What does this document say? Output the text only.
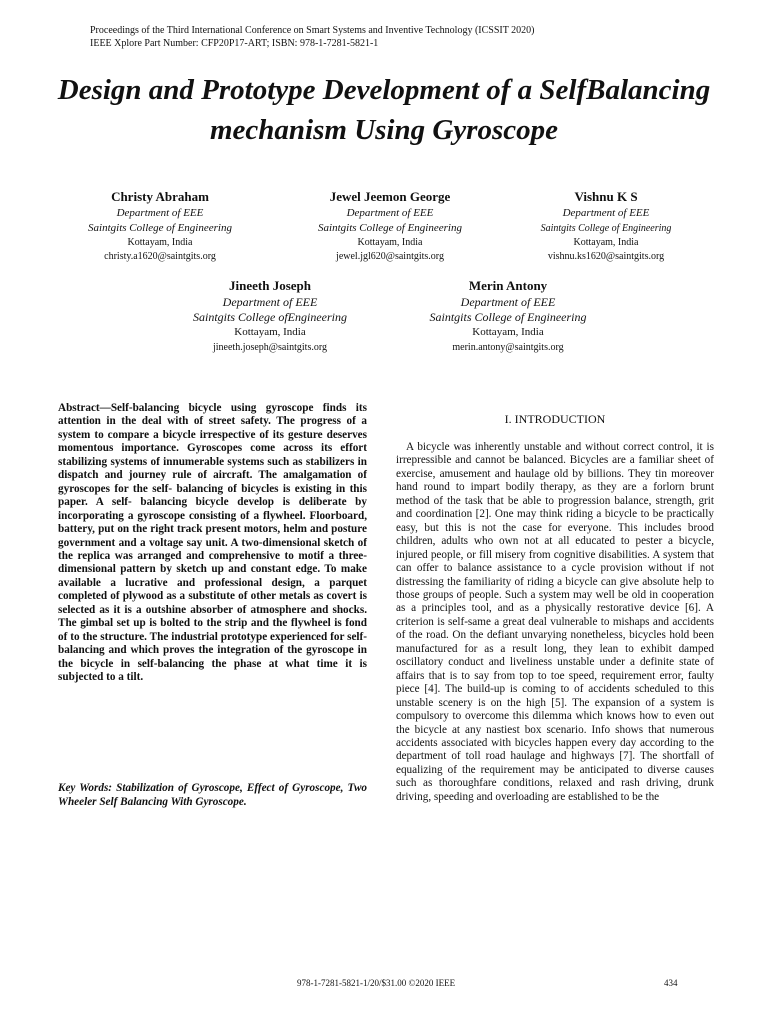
Proceedings of the Third International Conference on Smart Systems and Inventive Technology (ICSSIT 2020)
IEEE Xplore Part Number: CFP20P17-ART; ISBN: 978-1-7281-5821-1
Design and Prototype Development of a SelfBalancing
mechanism Using Gyroscope
Christy Abraham
Department of EEE
Saintgits College of Engineering
Kottayam, India
christy.a1620@saintgits.org
Jewel Jeemon George
Department of EEE
Saintgits College of Engineering
Kottayam, India
jewel.jgl620@saintgits.org
Vishnu K S
Department of EEE
Saintgits College of Engineering
Kottayam, India
vishnu.ks1620@saintgits.org
Jineeth Joseph
Department of EEE
Saintgits College ofEngineering
Kottayam, India
jineeth.joseph@saintgits.org
Merin Antony
Department of EEE
Saintgits College of Engineering
Kottayam, India
merin.antony@saintgits.org

Abstract—Self-balancing bicycle using gyroscope finds its attention in the deal with of street safety. The progress of a system to compare a bicycle irrespective of its gesture deserves momentous importance. Gyroscopes come across its effort stabilizing systems of innumerable systems such as stabilizers in dispatch and journey rule of aircraft. The amalgamation of gyroscopes for the self- balancing of bicycles is existing in this paper. A self- balancing bicycle develop is deliberate by incorporating a gyroscope consisting of a flywheel. Floorboard, battery, put on the right track present motors, helm and posture government and a voltage say unit. A two-dimensional sketch of the replica was arranged and comprehensive to motif a three- dimensional pattern by sketch up and constant edge. To make available a lucrative and professional design, a parquet completed of plywood as a substitute of other metals as covert is selected as it is a outshine absorber of atmosphere and shocks. The gimbal set up is bolted to the strip and the flywheel is fond of to the structure. The industrial prototype experienced for self-balancing and which proves the integration of the gyroscope in the bicycle in self-balancing the phase at what time it is subjected to a tilt.

Key Words: Stabilization of Gyroscope, Effect of Gyroscope, Two Wheeler Self Balancing With Gyroscope.

I. INTRODUCTION

A bicycle was inherently unstable and without correct control, it is irrepressible and cannot be balanced. Bicycles are a familiar sheet of exercise, amusement and haulage old by billions. They tin moreover hand round to impart bodily therapy, as they are a forlorn brunt method of the task that be able to progression balance, strength, grit and coordination [2]. One may think riding a bicycle to be practically easy, but this is not the case for everyone. This includes brood children, adults who own not at all educated to pester a bicycle, injured people, or fill misery from cognitive disabilities. A system that can offer to balance assistance to a cycle provision without if not distressing the familiarity of riding a bicycle can give absolute help to those groups of people. Such a system may well be old in cooperation as a principles tool, and as a physically restorative device [6]. A criterion is self-same a great deal vulnerable to mishaps and accidents of the road. On the defiant unvarying nonetheless, bicycles hold been manufactured for as a result long, they lean to exhibit damped oscillatory conduct and liveliness unstable under a definite state of affairs that is to say from top to toe speed, requirement error, faulty piece [4]. The build-up is coming to of accidents scheduled to this unstable scenery is on the high [5]. The expansion of a system is compulsory to overcome this dilemma which knows how to even out the bicycle at any nastiest box scenario. Info shows that numerous accidents associated with bicycles happen every day according to the department of toll road haulage and highways [7]. The shortfall of equalizing of the requirement may be anticipated to diverse causes such as thoroughfare conditions, relaxed and rash driving, drunk driving, speeding and overloading are established to be the

978-1-7281-5821-1/20/$31.00 ©2020 IEEE	434
